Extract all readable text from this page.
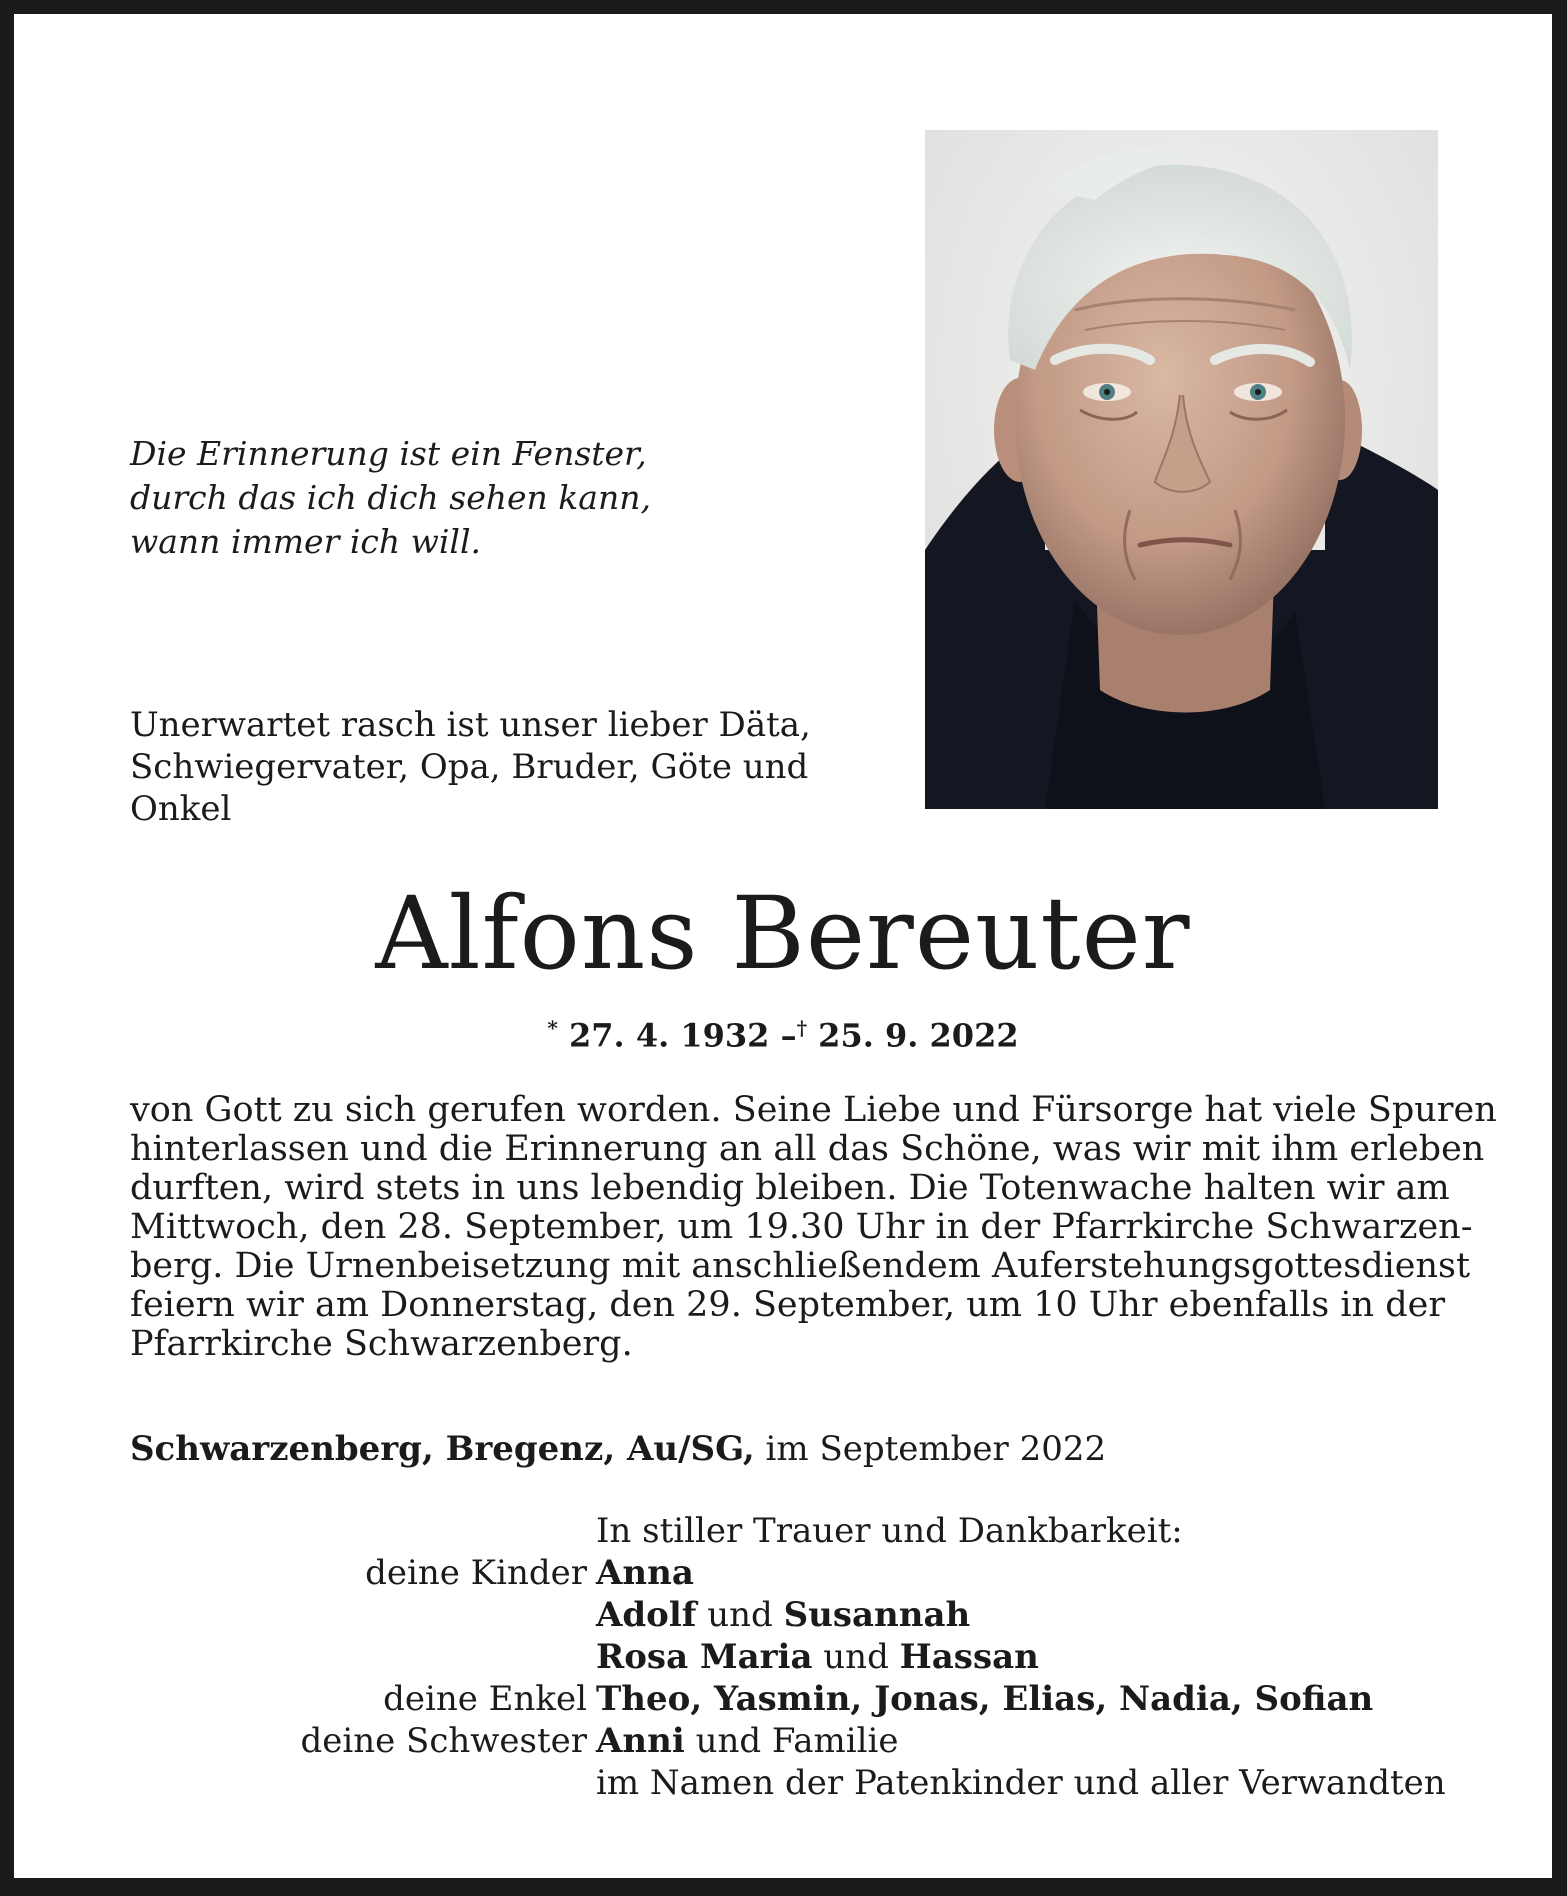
Die Erinnerung ist ein Fenster,
durch das ich dich sehen kann,
wann immer ich will.
Unerwartet rasch ist unser lieber Däta,
Schwiegervater, Opa, Bruder, Göte und
Onkel
Alfons Bereuter
* 27. 4. 1932 –† 25. 9. 2022
von Gott zu sich gerufen worden. Seine Liebe und Fürsorge hat viele Spuren
hinterlassen und die Erinnerung an all das Schöne, was wir mit ihm erleben
durften, wird stets in uns lebendig bleiben. Die Totenwache halten wir am
Mittwoch, den 28. September, um 19.30 Uhr in der Pfarrkirche Schwarzen-
berg. Die Urnenbeisetzung mit anschließendem Auferstehungsgottesdienst
feiern wir am Donnerstag, den 29. September, um 10 Uhr ebenfalls in der
Pfarrkirche Schwarzenberg.
Schwarzenberg, Bregenz, Au/SG, im September 2022
In stiller Trauer und Dankbarkeit:
deine Kinder Anna
Adolf und Susannah
Rosa Maria und Hassan
deine Enkel Theo, Yasmin, Jonas, Elias, Nadia, Sofian
deine Schwester Anni und Familie
im Namen der Patenkinder und aller Verwandten
